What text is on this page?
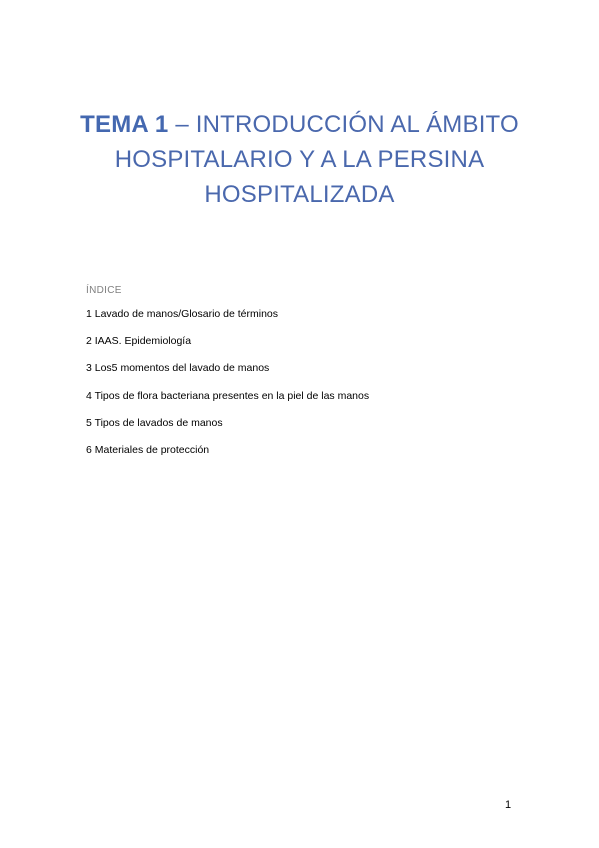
TEMA 1 – INTRODUCCIÓN AL ÁMBITO HOSPITALARIO Y A LA PERSINA HOSPITALIZADA
ÍNDICE
1 Lavado de manos/Glosario de términos
2 IAAS. Epidemiología
3 Los5 momentos del lavado de manos
4 Tipos de flora bacteriana presentes en la piel de las manos
5 Tipos de lavados de manos
6 Materiales de protección
1
